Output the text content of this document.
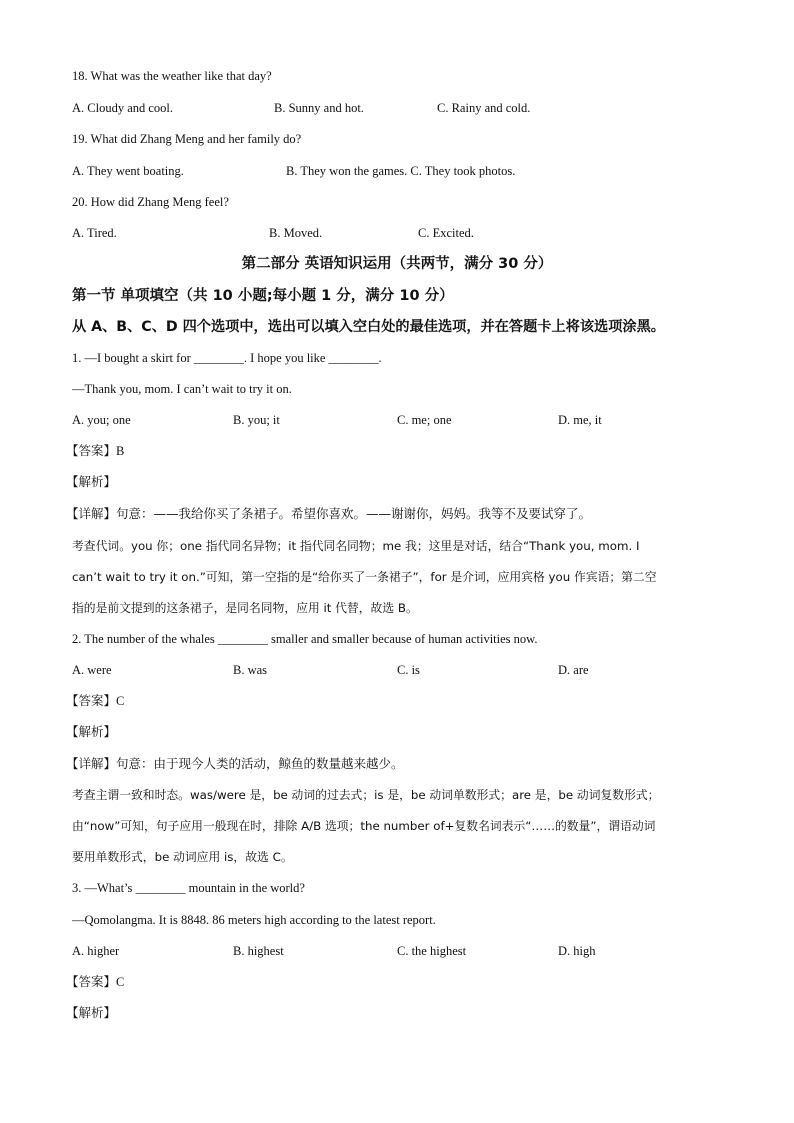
18. What was the weather like that day?
A. Cloudy and cool.	B. Sunny and hot.	C. Rainy and cold.
19. What did Zhang Meng and her family do?
A. They went boating.	B. They won the games. C. They took photos.
20. How did Zhang Meng feel?
A. Tired.	B. Moved.	C. Excited.
第二部分 英语知识运用（共两节，满分 30 分）
第一节 单项填空（共 10 小题;每小题 1 分，满分 10 分）
从 A、B、C、D 四个选项中，选出可以填入空白处的最佳选项，并在答题卡上将该选项涂黑。
1. —I bought a skirt for ________. I hope you like ________.
—Thank you, mom. I can’t wait to try it on.
A. you; one	B. you; it	C. me; one	D. me, it
【答案】B
【解析】
【详解】句意：——我给你买了条裙子。希望你喜欢。——谢谢你，妈妈。我等不及要试穿了。
考查代词。you 你；one 指代同名异物；it 指代同名同物；me 我；这里是对话，结合“Thank you, mom. I
can’t wait to try it on.”可知，第一空指的是“给你买了一条裙子”，for 是介词，应用宾格 you 作宾语；第二空
指的是前文提到的这条裙子，是同名同物，应用 it 代替，故选 B。
2. The number of the whales ________ smaller and smaller because of human activities now.
A. were	B. was	C. is	D. are
【答案】C
【解析】
【详解】句意：由于现今人类的活动，鲸鱼的数量越来越少。
考查主谓一致和时态。was/were 是，be 动词的过去式；is 是，be 动词单数形式；are 是，be 动词复数形式；
由“now”可知，句子应用一般现在时，排除 A/B 选项；the number of+复数名词表示“……的数量”，谓语动词
要用单数形式，be 动词应用 is，故选 C。
3. —What’s ________ mountain in the world?
—Qomolangma. It is 8848. 86 meters high according to the latest report.
A. higher	B. highest	C. the highest	D. high
【答案】C
【解析】
